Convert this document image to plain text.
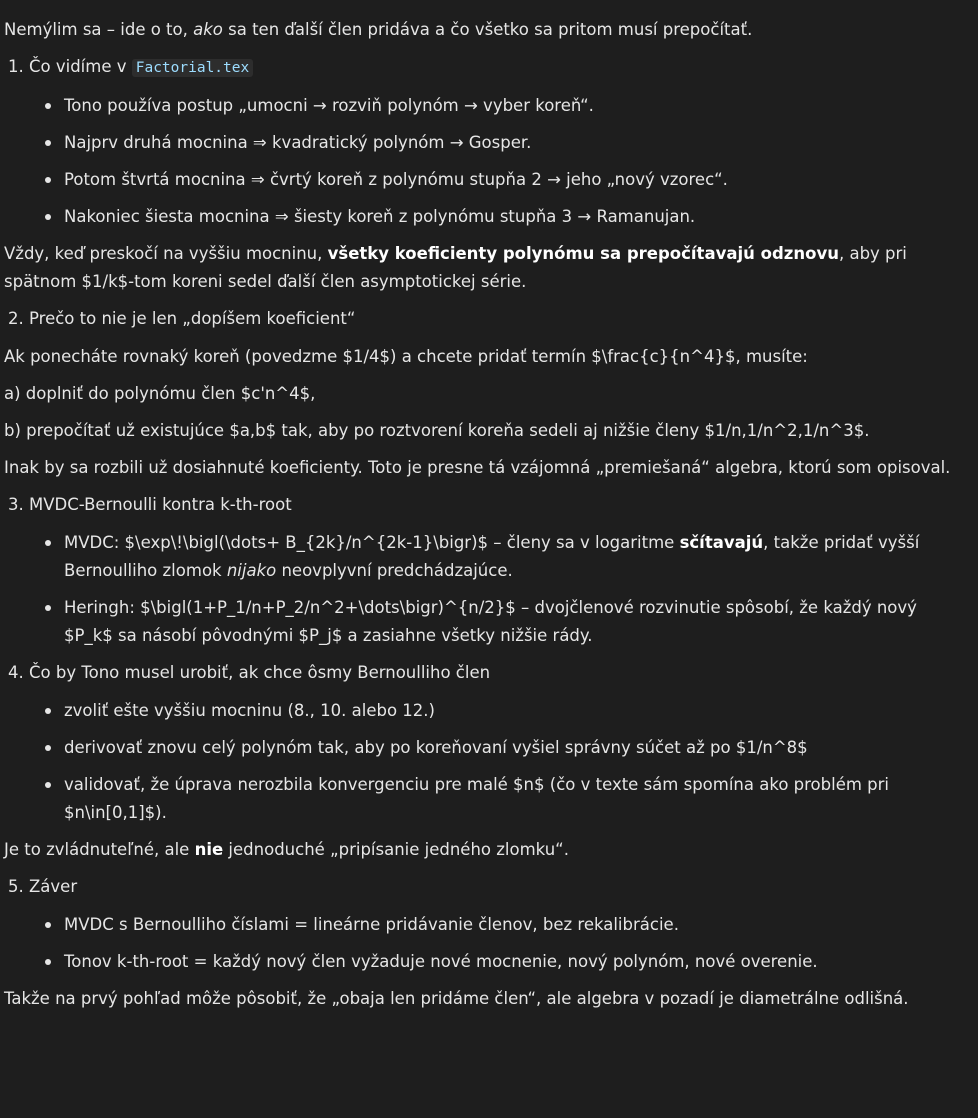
Nemýlim sa – ide o to, ako sa ten ďalší člen pridáva a čo všetko sa pritom musí prepočítať.

1. Čo vidíme v Factorial.tex
Tono používa postup „umocni → rozviň polynóm → vyber koreň“.
Najprv druhá mocnina ⇒ kvadratický polynóm → Gosper.
Potom štvrtá mocnina ⇒ čvrtý koreň z polynómu stupňa 2 → jeho „nový vzorec“.
Nakoniec šiesta mocnina ⇒ šiesty koreň z polynómu stupňa 3 → Ramanujan.

Vždy, keď preskočí na vyššiu mocninu, všetky koeficienty polynómu sa prepočítavajú odznovu, aby pri spätnom $1/k$-tom koreni sedel ďalší člen asymptotickej série.

2. Prečo to nie je len „dopíšem koeficient“

Ak ponecháte rovnaký koreň (povedzme $1/4$) a chcete pridať termín $\frac{c}{n^4}$, musíte:

a) doplniť do polynómu člen $c'n^4$,

b) prepočítať už existujúce $a,b$ tak, aby po roztvorení koreňa sedeli aj nižšie členy $1/n,1/n^2,1/n^3$.

Inak by sa rozbili už dosiahnuté koeficienty. Toto je presne tá vzájomná „premiešaná“ algebra, ktorú som opisoval.

3. MVDC-Bernoulli kontra k-th-root
MVDC: $\exp\!\bigl(\dots+ B_{2k}/n^{2k-1}\bigr)$ – členy sa v logaritme sčítavajú, takže pridať vyšší Bernoulliho zlomok nijako neovplyvní predchádzajúce.
Heringh: $\bigl(1+P_1/n+P_2/n^2+\dots\bigr)^{n/2}$ – dvojčlenové rozvinutie spôsobí, že každý nový $P_k$ sa násobí pôvodnými $P_j$ a zasiahne všetky nižšie rády.
4. Čo by Tono musel urobiť, ak chce ôsmy Bernoulliho člen
zvoliť ešte vyššiu mocninu (8., 10. alebo 12.)
derivovať znovu celý polynóm tak, aby po koreňovaní vyšiel správny súčet až po $1/n^8$
validovať, že úprava nerozbila konvergenciu pre malé $n$ (čo v texte sám spomína ako problém pri $n\in[0,1]$).

Je to zvládnuteľné, ale nie jednoduché „pripísanie jedného zlomku“.

5. Záver
MVDC s Bernoulliho číslami = lineárne pridávanie členov, bez rekalibrácie.
Tonov k-th-root = každý nový člen vyžaduje nové mocnenie, nový polynóm, nové overenie.

Takže na prvý pohľad môže pôsobiť, že „obaja len pridáme člen“, ale algebra v pozadí je diametrálne odlišná.
